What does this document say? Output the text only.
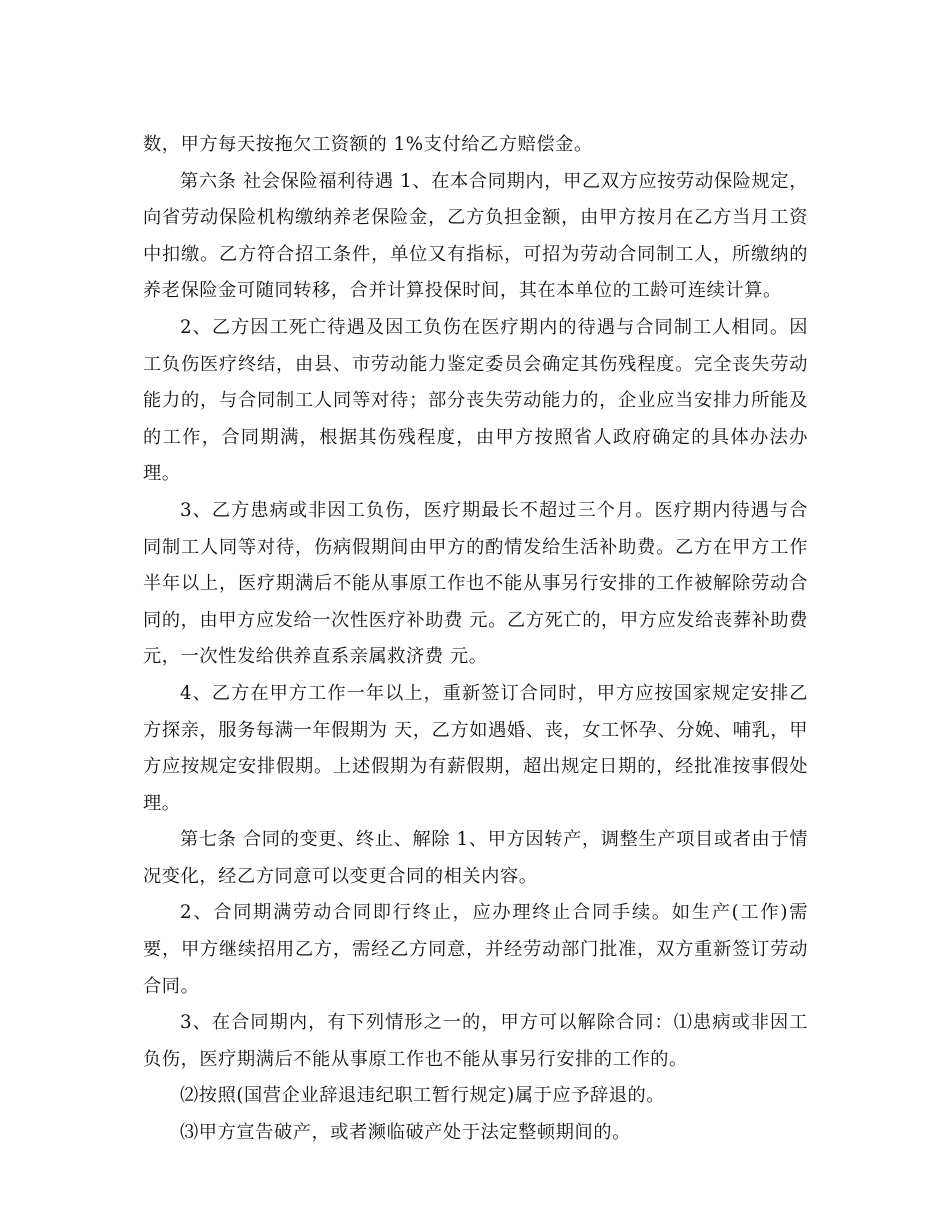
数，甲方每天按拖欠工资额的 1%支付给乙方赔偿金。

第六条 社会保险福利待遇 1、在本合同期内，甲乙双方应按劳动保险规定，向省劳动保险机构缴纳养老保险金，乙方负担金额，由甲方按月在乙方当月工资中扣缴。乙方符合招工条件，单位又有指标，可招为劳动合同制工人，所缴纳的养老保险金可随同转移，合并计算投保时间，其在本单位的工龄可连续计算。

2、乙方因工死亡待遇及因工负伤在医疗期内的待遇与合同制工人相同。因工负伤医疗终结，由县、市劳动能力鉴定委员会确定其伤残程度。完全丧失劳动能力的，与合同制工人同等对待；部分丧失劳动能力的，企业应当安排力所能及的工作，合同期满，根据其伤残程度，由甲方按照省人政府确定的具体办法办理。

3、乙方患病或非因工负伤，医疗期最长不超过三个月。医疗期内待遇与合同制工人同等对待，伤病假期间由甲方的酌情发给生活补助费。乙方在甲方工作半年以上，医疗期满后不能从事原工作也不能从事另行安排的工作被解除劳动合同的，由甲方应发给一次性医疗补助费 元。乙方死亡的，甲方应发给丧葬补助费元，一次性发给供养直系亲属救济费 元。

4、乙方在甲方工作一年以上，重新签订合同时，甲方应按国家规定安排乙方探亲，服务每满一年假期为 天，乙方如遇婚、丧，女工怀孕、分娩、哺乳，甲方应按规定安排假期。上述假期为有薪假期，超出规定日期的，经批准按事假处理。

第七条 合同的变更、终止、解除 1、甲方因转产，调整生产项目或者由于情况变化，经乙方同意可以变更合同的相关内容。

2、合同期满劳动合同即行终止，应办理终止合同手续。如生产(工作)需要，甲方继续招用乙方，需经乙方同意，并经劳动部门批准，双方重新签订劳动合同。

3、在合同期内，有下列情形之一的，甲方可以解除合同：⑴患病或非因工负伤，医疗期满后不能从事原工作也不能从事另行安排的工作的。

⑵按照(国营企业辞退违纪职工暂行规定)属于应予辞退的。

⑶甲方宣告破产，或者濒临破产处于法定整顿期间的。
